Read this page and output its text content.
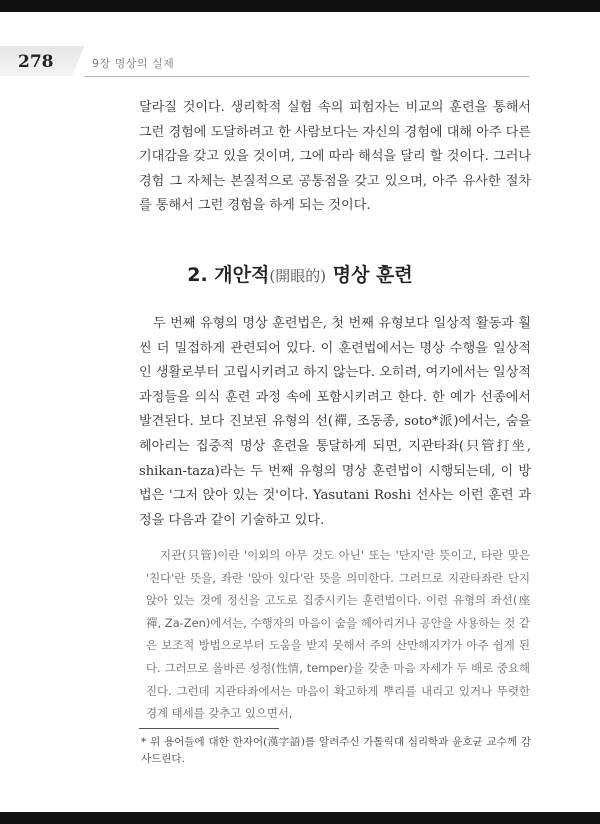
278	9장 명상의 실제

달라질 것이다. 생리학적 실험 속의 피험자는 비교의 훈련을 통해서 그런 경험에 도달하려고 한 사람보다는 자신의 경험에 대해 아주 다른 기대감을 갖고 있을 것이며, 그에 따라 해석을 달리 할 것이다. 그러나 경험 그 자체는 본질적으로 공통점을 갖고 있으며, 아주 유사한 절차를 통해서 그런 경험을 하게 되는 것이다.

2. 개안적(開眼的) 명상 훈련

두 번째 유형의 명상 훈련법은, 첫 번째 유형보다 일상적 활동과 훨씬 더 밀접하게 관련되어 있다. 이 훈련법에서는 명상 수행을 일상적인 생활로부터 고립시키려고 하지 않는다. 오히려, 여기에서는 일상적 과정들을 의식 훈련 과정 속에 포함시키려고 한다. 한 예가 선종에서 발견된다. 보다 진보된 유형의 선(禪, 조동종, soto*派)에서는, 숨을 헤아리는 집중적 명상 훈련을 통달하게 되면, 지관타좌(只管打坐, shikan-taza)라는 두 번째 유형의 명상 훈련법이 시행되는데, 이 방법은 '그저 앉아 있는 것'이다. Yasutani Roshi 선사는 이런 훈련 과정을 다음과 같이 기술하고 있다.

지관(只管)이란 '이외의 아무 것도 아닌' 또는 '단지'란 뜻이고, 타란 맞은 '친다'란 뜻을, 좌란 '앉아 있다'란 뜻을 의미한다. 그러므로 지관타좌란 단지 앉아 있는 것에 정신을 고도로 집중시키는 훈련법이다. 이런 유형의 좌선(座禪, Za-Zen)에서는, 수행자의 마음이 숨을 헤아리거나 공안을 사용하는 것 같은 보조적 방법으로부터 도움을 받지 못해서 주의 산만해지기가 아주 쉽게 된다. 그러므로 올바른 성정(性情, temper)을 갖춘 마음 자세가 두 배로 중요해진다. 그런데 지관타좌에서는 마음이 확고하게 뿌리를 내리고 있거나 뚜렷한 경계 태세를 갖추고 있으면서,

* 위 용어들에 대한 한자어(漢字語)를 알려주신 가톨릭대 심리학과 윤호균 교수께 감사드린다.
